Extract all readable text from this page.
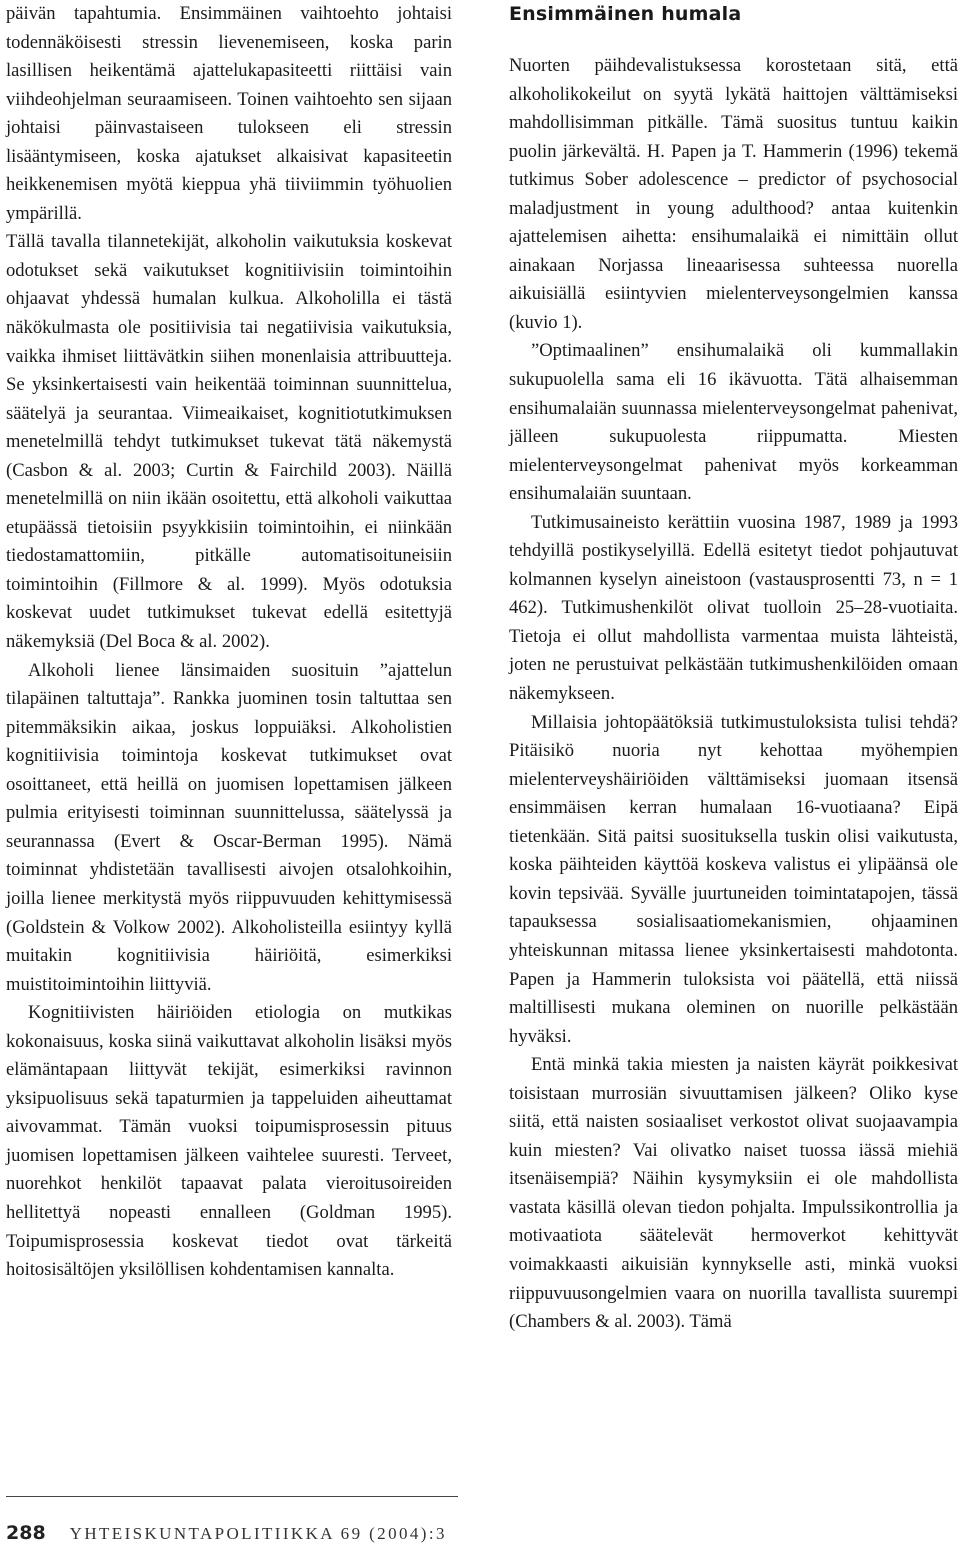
päivän tapahtumia. Ensimmäinen vaihtoehto johtaisi todennäköisesti stressin lievenemiseen, koska parin lasillisen heikentämä ajattelukapasiteetti riittäisi vain viihdeohjelman seuraamiseen. Toinen vaihtoehto sen sijaan johtaisi päinvastaiseen tulokseen eli stressin lisääntymiseen, koska ajatukset alkaisivat kapasiteetin heikkenemisen myötä kieppua yhä tiiviimmin työhuolien ympärillä.

Tällä tavalla tilannetekijät, alkoholin vaikutuksia koskevat odotukset sekä vaikutukset kognitiivisiin toimintoihin ohjaavat yhdessä humalan kulkua. Alkoholilla ei tästä näkökulmasta ole positiivisia tai negatiivisia vaikutuksia, vaikka ihmiset liittävätkin siihen monenlaisia attribuutteja. Se yksinkertaisesti vain heikentää toiminnan suunnittelua, säätelyä ja seurantaa. Viimeaikaiset, kognitiotutkimuksen menetelmillä tehdyt tutkimukset tukevat tätä näkemystä (Casbon & al. 2003; Curtin & Fairchild 2003). Näillä menetelmillä on niin ikään osoitettu, että alkoholi vaikuttaa etupäässä tietoisiin psyykkisiin toimintoihin, ei niinkään tiedostamattomiin, pitkälle automatisoituneisiin toimintoihin (Fillmore & al. 1999). Myös odotuksia koskevat uudet tutkimukset tukevat edellä esitettyjä näkemyksiä (Del Boca & al. 2002).

Alkoholi lienee länsimaiden suosituin ”ajattelun tilapäinen taltuttaja”. Rankka juominen tosin taltuttaa sen pitemmäksikin aikaa, joskus loppuiäksi. Alkoholistien kognitiivisia toimintoja koskevat tutkimukset ovat osoittaneet, että heillä on juomisen lopettamisen jälkeen pulmia erityisesti toiminnan suunnittelussa, säätelyssä ja seurannassa (Evert & Oscar-Berman 1995). Nämä toiminnat yhdistetään tavallisesti aivojen otsalohkoihin, joilla lienee merkitystä myös riippuvuuden kehittymisessä (Goldstein & Volkow 2002). Alkoholisteilla esiintyy kyllä muitakin kognitiivisia häiriöitä, esimerkiksi muistitoimintoihin liittyviä.

Kognitiivisten häiriöiden etiologia on mutkikas kokonaisuus, koska siinä vaikuttavat alkoholin lisäksi myös elämäntapaan liittyvät tekijät, esimerkiksi ravinnon yksipuolisuus sekä tapaturmien ja tappeluiden aiheuttamat aivovammat. Tämän vuoksi toipumisprosessin pituus juomisen lopettamisen jälkeen vaihtelee suuresti. Terveet, nuorehkot henkilöt tapaavat palata vieroitusoireiden hellitettyä nopeasti ennalleen (Goldman 1995). Toipumisprosessia koskevat tiedot ovat tärkeitä hoitosisältöjen yksilöllisen kohdentamisen kannalta.

Ensimmäinen humala

Nuorten päihdevalistuksessa korostetaan sitä, että alkoholikokeilut on syytä lykätä haittojen välttämiseksi mahdollisimman pitkälle. Tämä suositus tuntuu kaikin puolin järkevältä. H. Papen ja T. Hammerin (1996) tekemä tutkimus Sober adolescence – predictor of psychosocial maladjustment in young adulthood? antaa kuitenkin ajattelemisen aihetta: ensihumalaikä ei nimittäin ollut ainakaan Norjassa lineaarisessa suhteessa nuorella aikuisiällä esiintyvien mielenterveysongelmien kanssa (kuvio 1).

”Optimaalinen” ensihumalaikä oli kummallakin sukupuolella sama eli 16 ikävuotta. Tätä alhaisemman ensihumalaiän suunnassa mielenterveysongelmat pahenivat, jälleen sukupuolesta riippumatta. Miesten mielenterveysongelmat pahenivat myös korkeamman ensihumalaiän suuntaan.

Tutkimusaineisto kerättiin vuosina 1987, 1989 ja 1993 tehdyillä postikyselyillä. Edellä esitetyt tiedot pohjautuvat kolmannen kyselyn aineistoon (vastausprosentti 73, n = 1 462). Tutkimushenkilöt olivat tuolloin 25–28-vuotiaita. Tietoja ei ollut mahdollista varmentaa muista lähteistä, joten ne perustuivat pelkästään tutkimushenkilöiden omaan näkemykseen.

Millaisia johtopäätöksiä tutkimustuloksista tulisi tehdä? Pitäisikö nuoria nyt kehottaa myöhempien mielenterveyshäiriöiden välttämiseksi juomaan itsensä ensimmäisen kerran humalaan 16-vuotiaana? Eipä tietenkään. Sitä paitsi suosituksella tuskin olisi vaikutusta, koska päihteiden käyttöä koskeva valistus ei ylipäänsä ole kovin tepsivää. Syvälle juurtuneiden toimintatapojen, tässä tapauksessa sosialisaatiomekanismien, ohjaaminen yhteiskunnan mitassa lienee yksinkertaisesti mahdotonta. Papen ja Hammerin tuloksista voi päätellä, että niissä maltillisesti mukana oleminen on nuorille pelkästään hyväksi.

Entä minkä takia miesten ja naisten käyrät poikkesivat toisistaan murrosiän sivuuttamisen jälkeen? Oliko kyse siitä, että naisten sosiaaliset verkostot olivat suojaavampia kuin miesten? Vai olivatko naiset tuossa iässä miehiä itsenäisempiä? Näihin kysymyksiin ei ole mahdollista vastata käsillä olevan tiedon pohjalta. Impulssikontrollia ja motivaatiota säätelevät hermoverkot kehittyvät voimakkaasti aikuisiän kynnykselle asti, minkä vuoksi riippuvuusongelmien vaara on nuorilla tavallista suurempi (Chambers & al. 2003). Tämä

288 YHTEISKUNTAPOLITIIKKA 69 (2004):3
